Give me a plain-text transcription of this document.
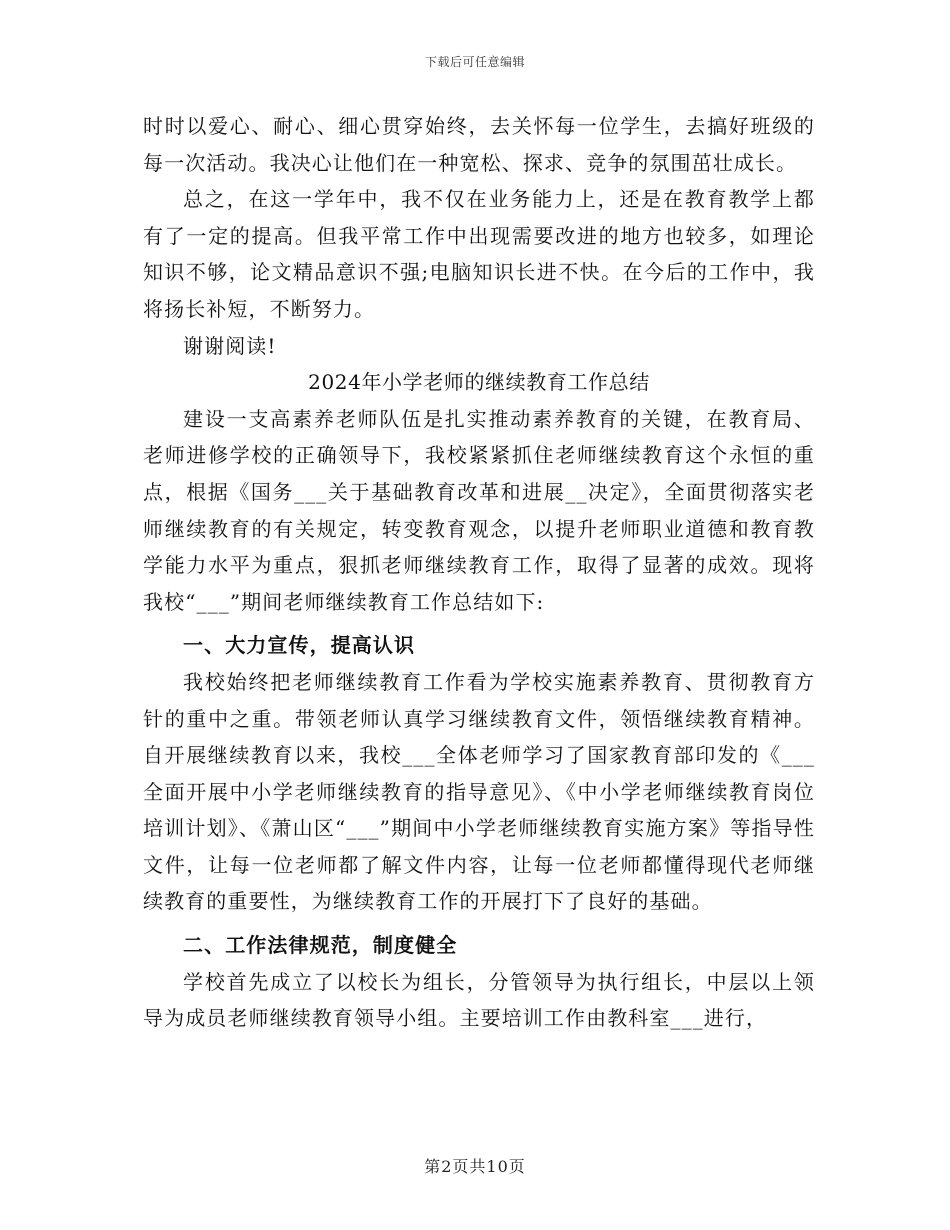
下载后可任意编辑

时时以爱心、耐心、细心贯穿始终，去关怀每一位学生，去搞好班级的每一次活动。我决心让他们在一种宽松、探求、竞争的氛围茁壮成长。

总之，在这一学年中，我不仅在业务能力上，还是在教育教学上都有了一定的提高。但我平常工作中出现需要改进的地方也较多，如理论知识不够，论文精品意识不强;电脑知识长进不快。在今后的工作中，我将扬长补短，不断努力。

谢谢阅读!

2024年小学老师的继续教育工作总结

建设一支高素养老师队伍是扎实推动素养教育的关键，在教育局、老师进修学校的正确领导下，我校紧紧抓住老师继续教育这个永恒的重点，根据《国务___关于基础教育改革和进展__决定》，全面贯彻落实老师继续教育的有关规定，转变教育观念，以提升老师职业道德和教育教学能力水平为重点，狠抓老师继续教育工作，取得了显著的成效。现将我校“___”期间老师继续教育工作总结如下:

一、大力宣传，提高认识

我校始终把老师继续教育工作看为学校实施素养教育、贯彻教育方针的重中之重。带领老师认真学习继续教育文件，领悟继续教育精神。自开展继续教育以来，我校___全体老师学习了国家教育部印发的《___全面开展中小学老师继续教育的指导意见》、《中小学老师继续教育岗位培训计划》、《萧山区“___”期间中小学老师继续教育实施方案》等指导性文件，让每一位老师都了解文件内容，让每一位老师都懂得现代老师继续教育的重要性，为继续教育工作的开展打下了良好的基础。

二、工作法律规范，制度健全

学校首先成立了以校长为组长，分管领导为执行组长，中层以上领导为成员老师继续教育领导小组。主要培训工作由教科室___进行，

第2页共10页
